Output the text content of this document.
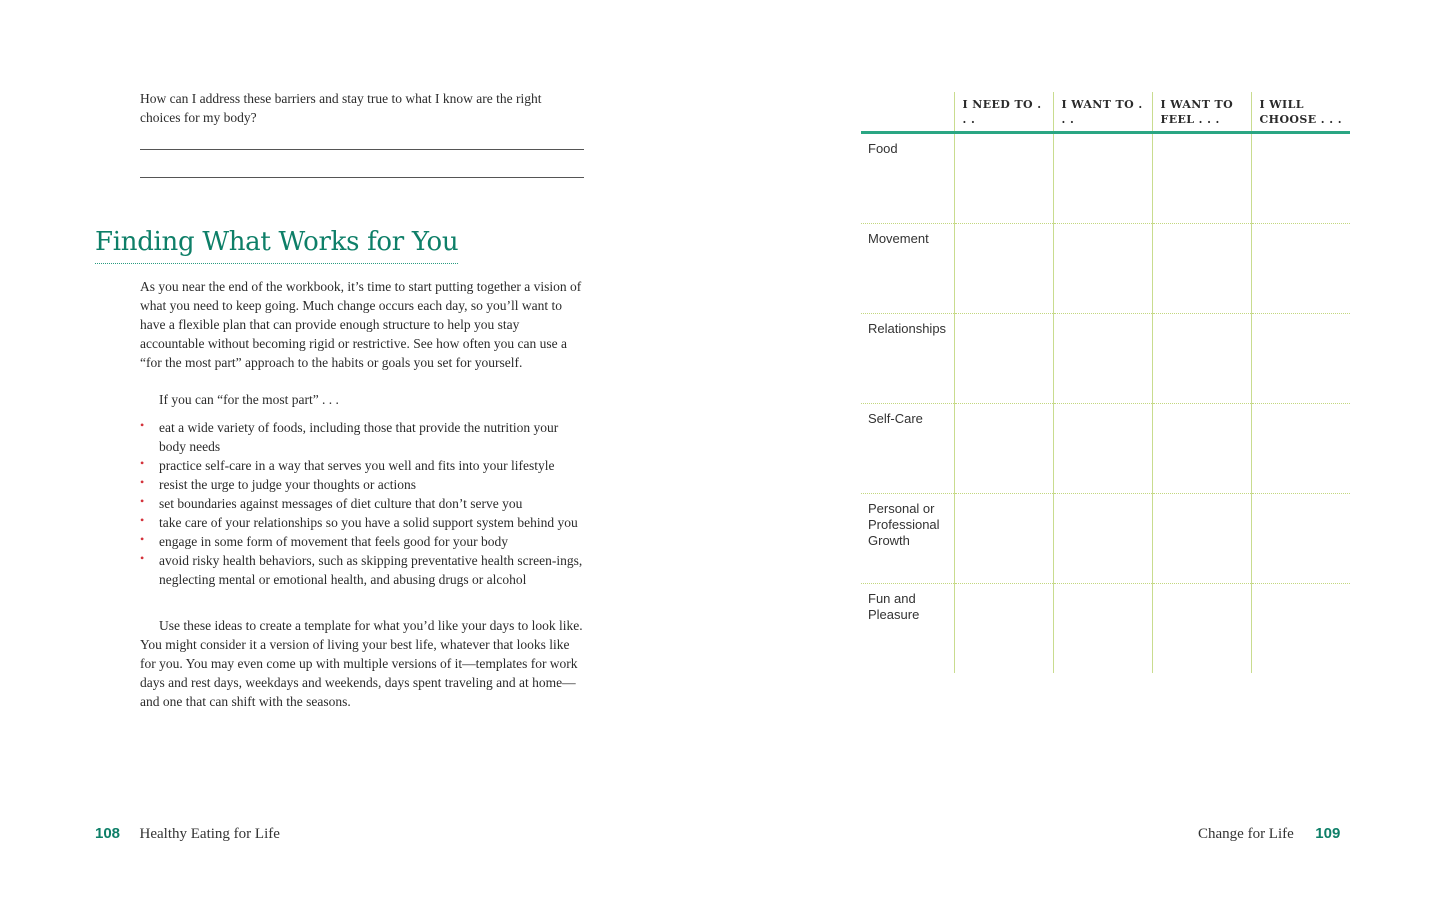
How can I address these barriers and stay true to what I know are the right choices for my body?

Finding What Works for You

As you near the end of the workbook, it’s time to start putting together a vision of what you need to keep going. Much change occurs each day, so you’ll want to have a flexible plan that can provide enough structure to help you stay accountable without becoming rigid or restrictive. See how often you can use a “for the most part” approach to the habits or goals you set for yourself.

If you can “for the most part” . . .

• eat a wide variety of foods, including those that provide the nutrition your body needs
• practice self-care in a way that serves you well and fits into your lifestyle
• resist the urge to judge your thoughts or actions
• set boundaries against messages of diet culture that don’t serve you
• take care of your relationships so you have a solid support system behind you
• engage in some form of movement that feels good for your body
• avoid risky health behaviors, such as skipping preventative health screen-ings, neglecting mental or emotional health, and abusing drugs or alcohol

Use these ideas to create a template for what you’d like your days to look like. You might consider it a version of living your best life, whatever that looks like for you. You may even come up with multiple versions of it—templates for work days and rest days, weekdays and weekends, days spent traveling and at home—and one that can shift with the seasons.

108 Healthy Eating for Life
	I NEED TO . . .	I WANT TO . . .	I WANT TO FEEL . . .	I WILL CHOOSE . . .
Food				
Movement				
Relationships				
Self-Care				
Personal or Professional Growth				
Fun and Pleasure				
Change for Life 109
